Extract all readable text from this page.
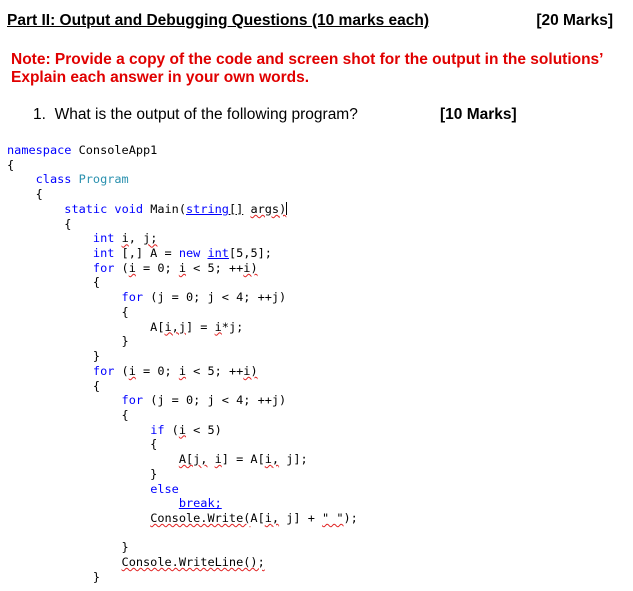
Part II: Output and Debugging Questions (10 marks each)	[20 Marks]
Note: Provide a copy of the code and screen shot for the output in the solutions’
Explain each answer in your own words.
1. What is the output of the following program?	[10 Marks]
namespace ConsoleApp1
{
class Program
{
static void Main(string[] args)
{
int i, j;
int [,] A = new int[5,5];
for (i = 0; i < 5; ++i)
{
for (j = 0; j < 4; ++j)
{
A[i,j] = i*j;
}
}
for (i = 0; i < 5; ++i)
{
for (j = 0; j < 4; ++j)
{
if (i < 5)
{
A[j, i] = A[i, j];
}
else
break;
Console.Write(A[i, j] + " ");
}
Console.WriteLine();
}
